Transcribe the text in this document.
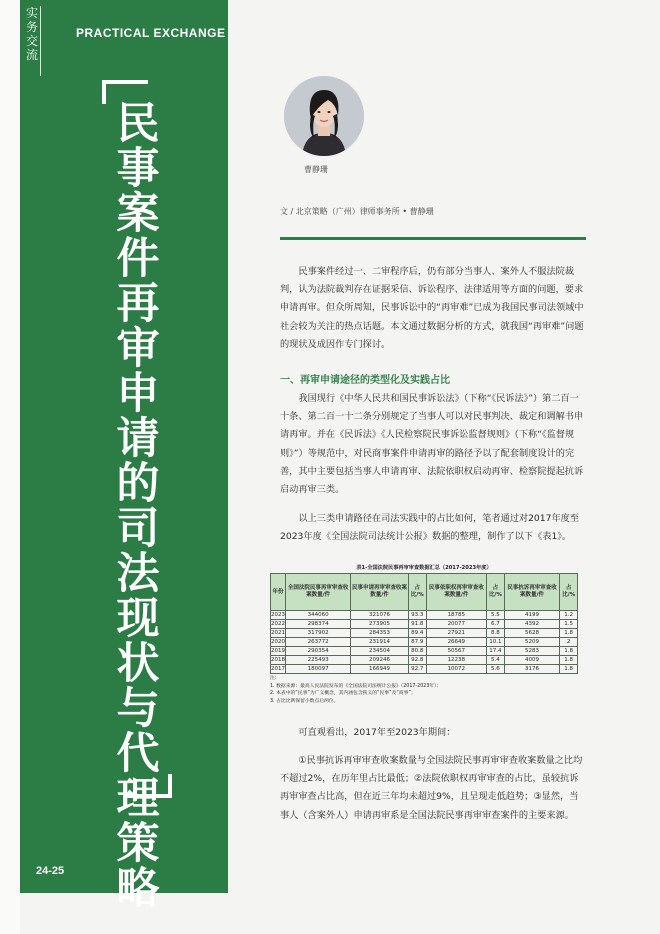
实
务
交
流
PRACTICAL EXCHANGE
民
事
案
件
再
审
申
请
的
司
法
现
状
与
代
理
策
略
24-25
曹静珊
文 / 北京策略（广州）律师事务所 • 曹静珊

民事案件经过一、二审程序后，仍有部分当事人、案外人不服法院裁判，认为法院裁判存在证据采信、诉讼程序、法律适用等方面的问题，要求申请再审。但众所周知，民事诉讼中的“再审难”已成为我国民事司法领域中社会较为关注的热点话题。本文通过数据分析的方式，就我国“再审难”问题的现状及成因作专门探讨。

一、再审申请途径的类型化及实践占比

我国现行《中华人民共和国民事诉讼法》（下称“《民诉法》”）第二百一十条、第二百一十二条分别规定了当事人可以对民事判决、裁定和调解书申请再审。并在《民诉法》《人民检察院民事诉讼监督规则》（下称“《监督规则》”）等规范中，对民商事案件申请再审的路径予以了配套制度设计的完善，其中主要包括当事人申请再审、法院依职权启动再审、检察院提起抗诉启动再审三类。

以上三类申请路径在司法实践中的占比如何，笔者通过对2017年度至2023年度《全国法院司法统计公报》数据的整理，制作了以下《表1》。

表1-全国法院民事再审审查数据汇总（2017-2023年度）
年份	全国法院民事再审审查收案数量/件	民事申请再审审查收案数量/件	占比/%	民事依职权再审审查收案数量/件	占比/%	民事抗诉再审审查收案数量/件	占比/%
2023	344060	321076	93.3	18785	5.5	4199	1.2
2022	298374	273905	91.8	20077	6.7	4392	1.5
2021	317902	284353	89.4	27921	8.8	5628	1.8
2020	263772	231914	87.9	26649	10.1	5209	2
2019	290354	234504	80.8	50567	17.4	5283	1.8
2018	225493	209246	92.8	12238	5.4	4009	1.8
2017	180097	166949	92.7	10072	5.6	3176	1.8
注：
1. 数据来源：最高人民法院发布的《全国法院司法统计公报》（2017-2023年）；
2. 本表中的“民事”为广义概念，其内涵包含狭义的“民事”及“商事”；
3. 占比比例保留小数点后两位。

可直观看出，2017年至2023年期间：

①民事抗诉再审审查收案数量与全国法院民事再审审查收案数量之比均不超过2%，在历年里占比最低；②法院依职权再审审查的占比，虽较抗诉再审审查占比高，但在近三年均未超过9%，且呈现走低趋势；③显然，当事人（含案外人）申请再审系是全国法院民事再审审查案件的主要来源。
